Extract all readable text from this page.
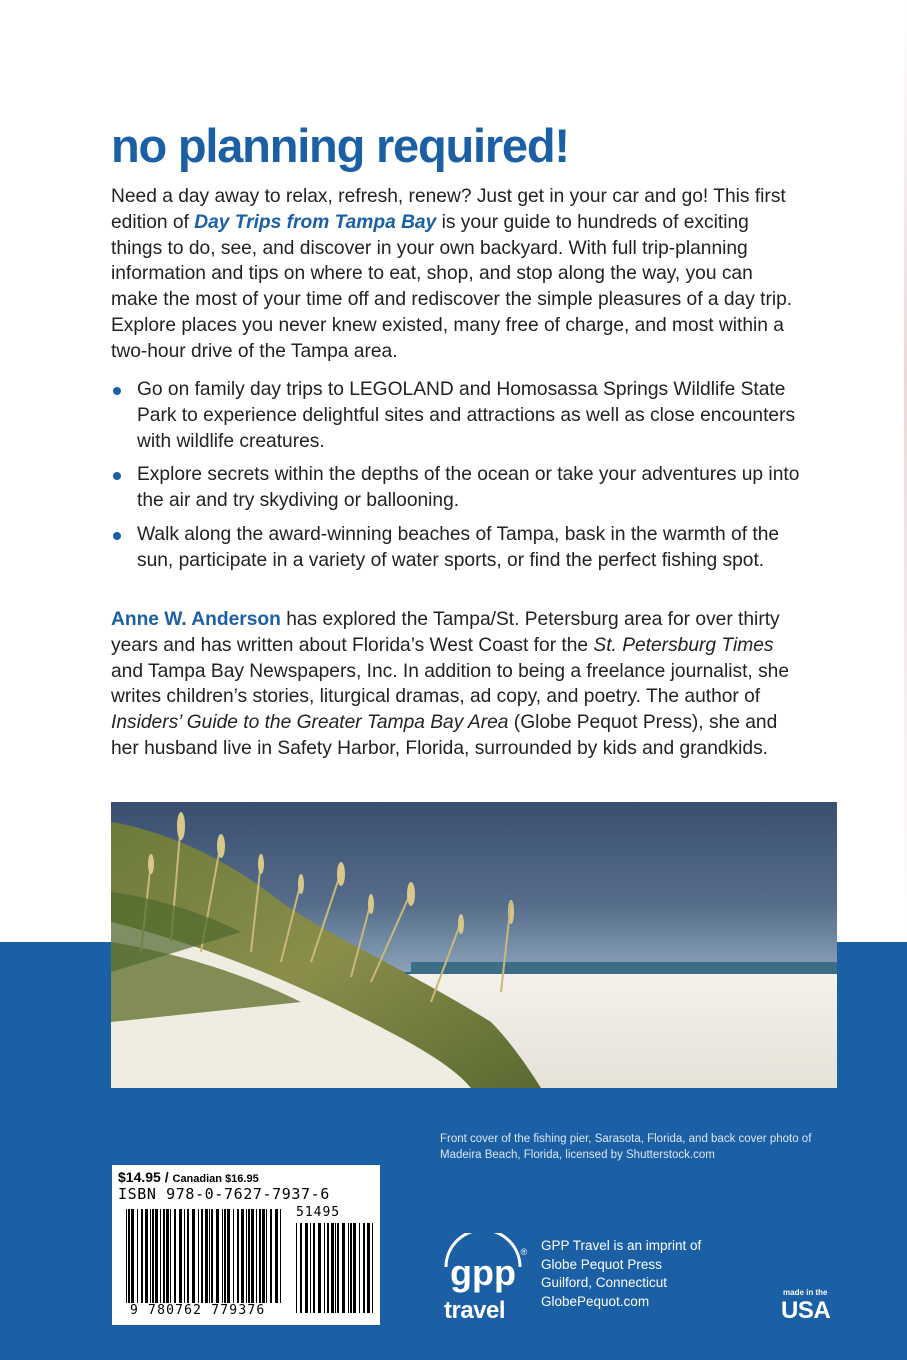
no planning required!

Need a day away to relax, refresh, renew? Just get in your car and go! This first edition of Day Trips from Tampa Bay is your guide to hundreds of exciting things to do, see, and discover in your own backyard. With full trip-planning information and tips on where to eat, shop, and stop along the way, you can make the most of your time off and rediscover the simple pleasures of a day trip. Explore places you never knew existed, many free of charge, and most within a two-hour drive of the Tampa area.

Go on family day trips to LEGOLAND and Homosassa Springs Wildlife State Park to experience delightful sites and attractions as well as close encounters with wildlife creatures.
Explore secrets within the depths of the ocean or take your adventures up into the air and try skydiving or ballooning.
Walk along the award-winning beaches of Tampa, bask in the warmth of the sun, participate in a variety of water sports, or find the perfect fishing spot.

Anne W. Anderson has explored the Tampa/St. Petersburg area for over thirty years and has written about Florida’s West Coast for the St. Petersburg Times and Tampa Bay Newspapers, Inc. In addition to being a freelance journalist, she writes children’s stories, liturgical dramas, ad copy, and poetry. The author of Insiders’ Guide to the Greater Tampa Bay Area (Globe Pequot Press), she and her husband live in Safety Harbor, Florida, surrounded by kids and grandkids.

Front cover of the fishing pier, Sarasota, Florida, and back cover photo of Madeira Beach, Florida, licensed by Shutterstock.com

$14.95 / Canadian $16.95
ISBN 978-0-7627-7937-6
51495
9 780762 779376
gpp ®
travel

GPP Travel is an imprint of
Globe Pequot Press
Guilford, Connecticut
GlobePequot.com

made in the
USA
